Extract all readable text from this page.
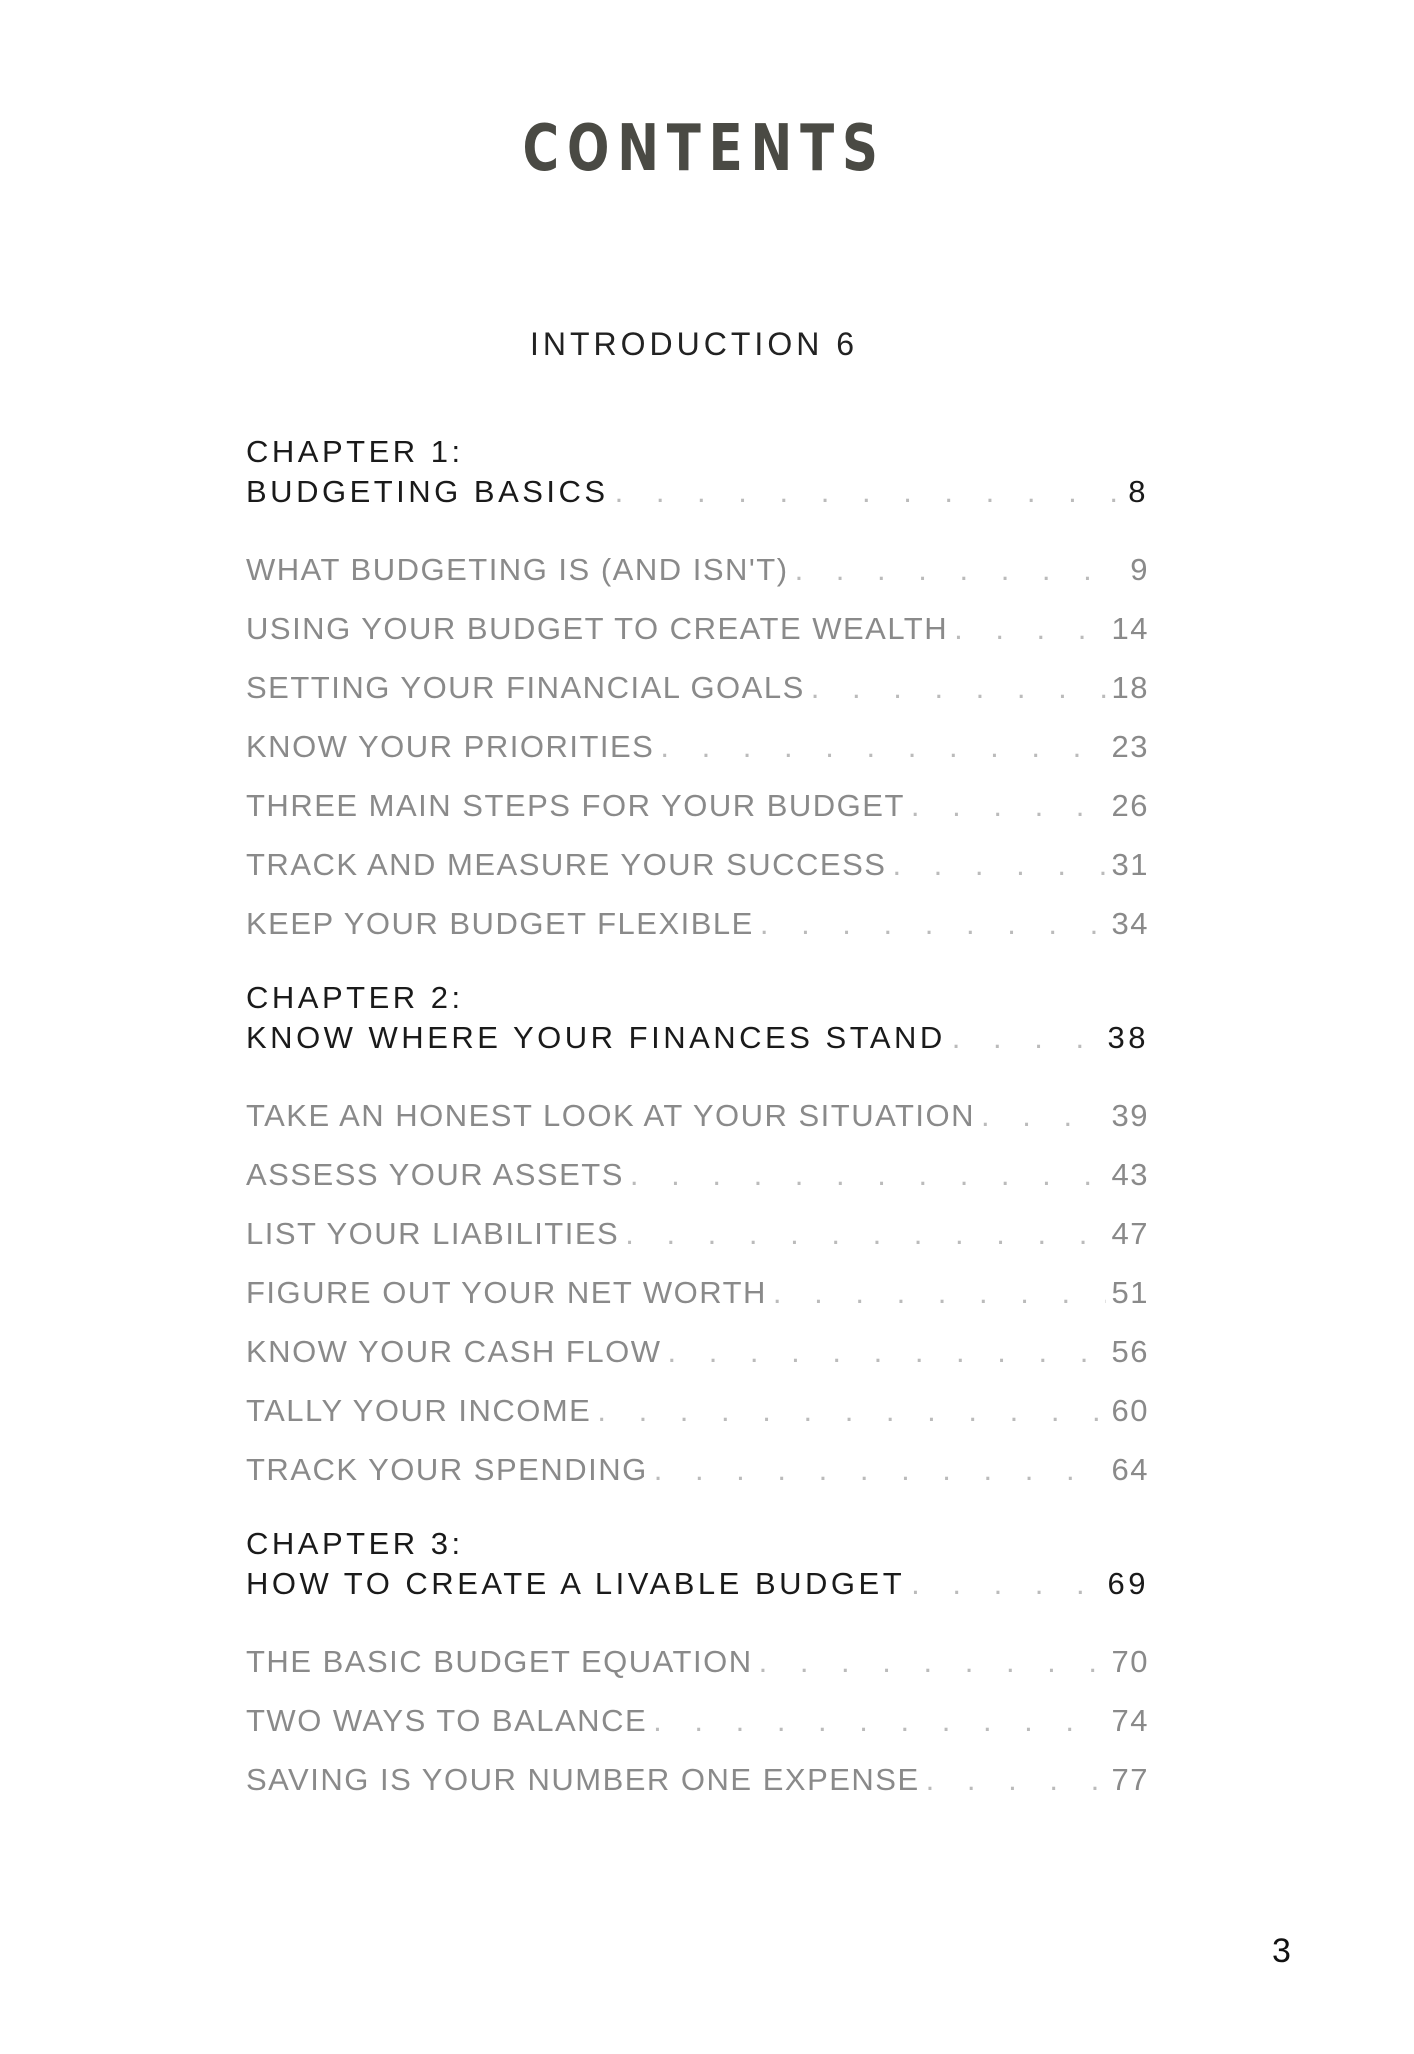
CONTENTS
INTRODUCTION 6
CHAPTER 1:
BUDGETING BASICS . . .	8
WHAT BUDGETING IS (AND ISN'T) . . .	9
USING YOUR BUDGET TO CREATE WEALTH . . .	14
SETTING YOUR FINANCIAL GOALS . . .	18
KNOW YOUR PRIORITIES . . .	23
THREE MAIN STEPS FOR YOUR BUDGET . . .	26
TRACK AND MEASURE YOUR SUCCESS . . .	31
KEEP YOUR BUDGET FLEXIBLE . . .	34
CHAPTER 2:
KNOW WHERE YOUR FINANCES STAND . . .	38
TAKE AN HONEST LOOK AT YOUR SITUATION . . .	39
ASSESS YOUR ASSETS . . .	43
LIST YOUR LIABILITIES . . .	47
FIGURE OUT YOUR NET WORTH . . .	51
KNOW YOUR CASH FLOW . . .	56
TALLY YOUR INCOME . . .	60
TRACK YOUR SPENDING . . .	64
CHAPTER 3:
HOW TO CREATE A LIVABLE BUDGET . . .	69
THE BASIC BUDGET EQUATION . . .	70
TWO WAYS TO BALANCE . . .	74
SAVING IS YOUR NUMBER ONE EXPENSE . . .	77
3
